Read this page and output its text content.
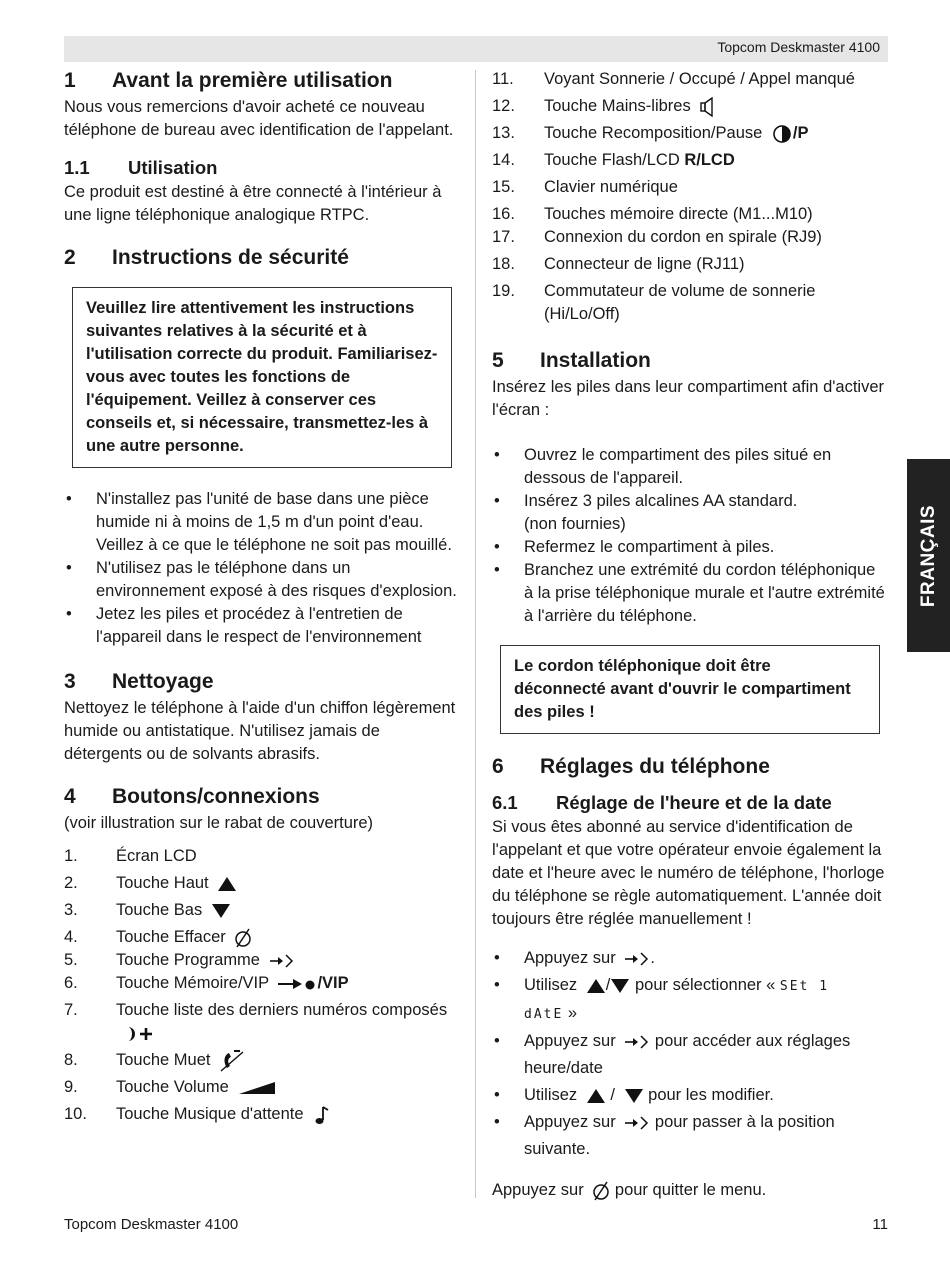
Topcom Deskmaster 4100
1 Avant la première utilisation

Nous vous remercions d'avoir acheté ce nouveau téléphone de bureau avec identification de l'appelant.

1.1 Utilisation

Ce produit est destiné à être connecté à l'intérieur à une ligne téléphonique analogique RTPC.

2 Instructions de sécurité
Veuillez lire attentivement les instructions suivantes relatives à la sécurité et à l'utilisation correcte du produit. Familiarisez-vous avec toutes les fonctions de l'équipement. Veillez à conserver ces conseils et, si nécessaire, transmettez-les à une autre personne.
• N'installez pas l'unité de base dans une pièce humide ni à moins de 1,5 m d'un point d'eau. Veillez à ce que le téléphone ne soit pas mouillé.
• N'utilisez pas le téléphone dans un environnement exposé à des risques d'explosion.
• Jetez les piles et procédez à l'entretien de l'appareil dans le respect de l'environnement
3 Nettoyage

Nettoyez le téléphone à l'aide d'un chiffon légèrement humide ou antistatique. N'utilisez jamais de détergents ou de solvants abrasifs.

4 Boutons/connexions

(voir illustration sur le rabat de couverture)

1. Écran LCD
2. Touche Haut
3. Touche Bas
4. Touche Effacer
5. Touche Programme
6. Touche Mémoire/VIP	/VIP
7. Touche liste des derniers numéros composés
8. Touche Muet
9. Touche Volume
10. Touche Musique d'attente
11. Voyant Sonnerie / Occupé / Appel manqué
12. Touche Mains-libres
13. Touche Recomposition/Pause /P
14. Touche Flash/LCD R/LCD
15. Clavier numérique
16. Touches mémoire directe (M1...M10)
17. Connexion du cordon en spirale (RJ9)
18. Connecteur de ligne (RJ11)
19. Commutateur de volume de sonnerie (Hi/Lo/Off)
5 Installation

Insérez les piles dans leur compartiment afin d'activer l'écran :

• Ouvrez le compartiment des piles situé en dessous de l'appareil.
• Insérez 3 piles alcalines AA standard.
(non fournies)
• Refermez le compartiment à piles.
• Branchez une extrémité du cordon téléphonique à la prise téléphonique murale et l'autre extrémité à l'arrière du téléphone.
Le cordon téléphonique doit être déconnecté avant d'ouvrir le compartiment des piles !
6 Réglages du téléphone
6.1 Réglage de l'heure et de la date

Si vous êtes abonné au service d'identification de l'appelant et que votre opérateur envoie également la date et l'heure avec le numéro de téléphone, l'horloge du téléphone se règle automatiquement. L'année doit toujours être réglée manuellement !

• Appuyez sur .
• Utilisez / pour sélectionner « SEt 1
dAtE »
• Appuyez sur pour accéder aux réglages heure/date
• Utilisez / pour les modifier.
• Appuyez sur pour passer à la position suivante.

Appuyez sur pour quitter le menu.

FRANÇAIS
Topcom Deskmaster 4100	11
